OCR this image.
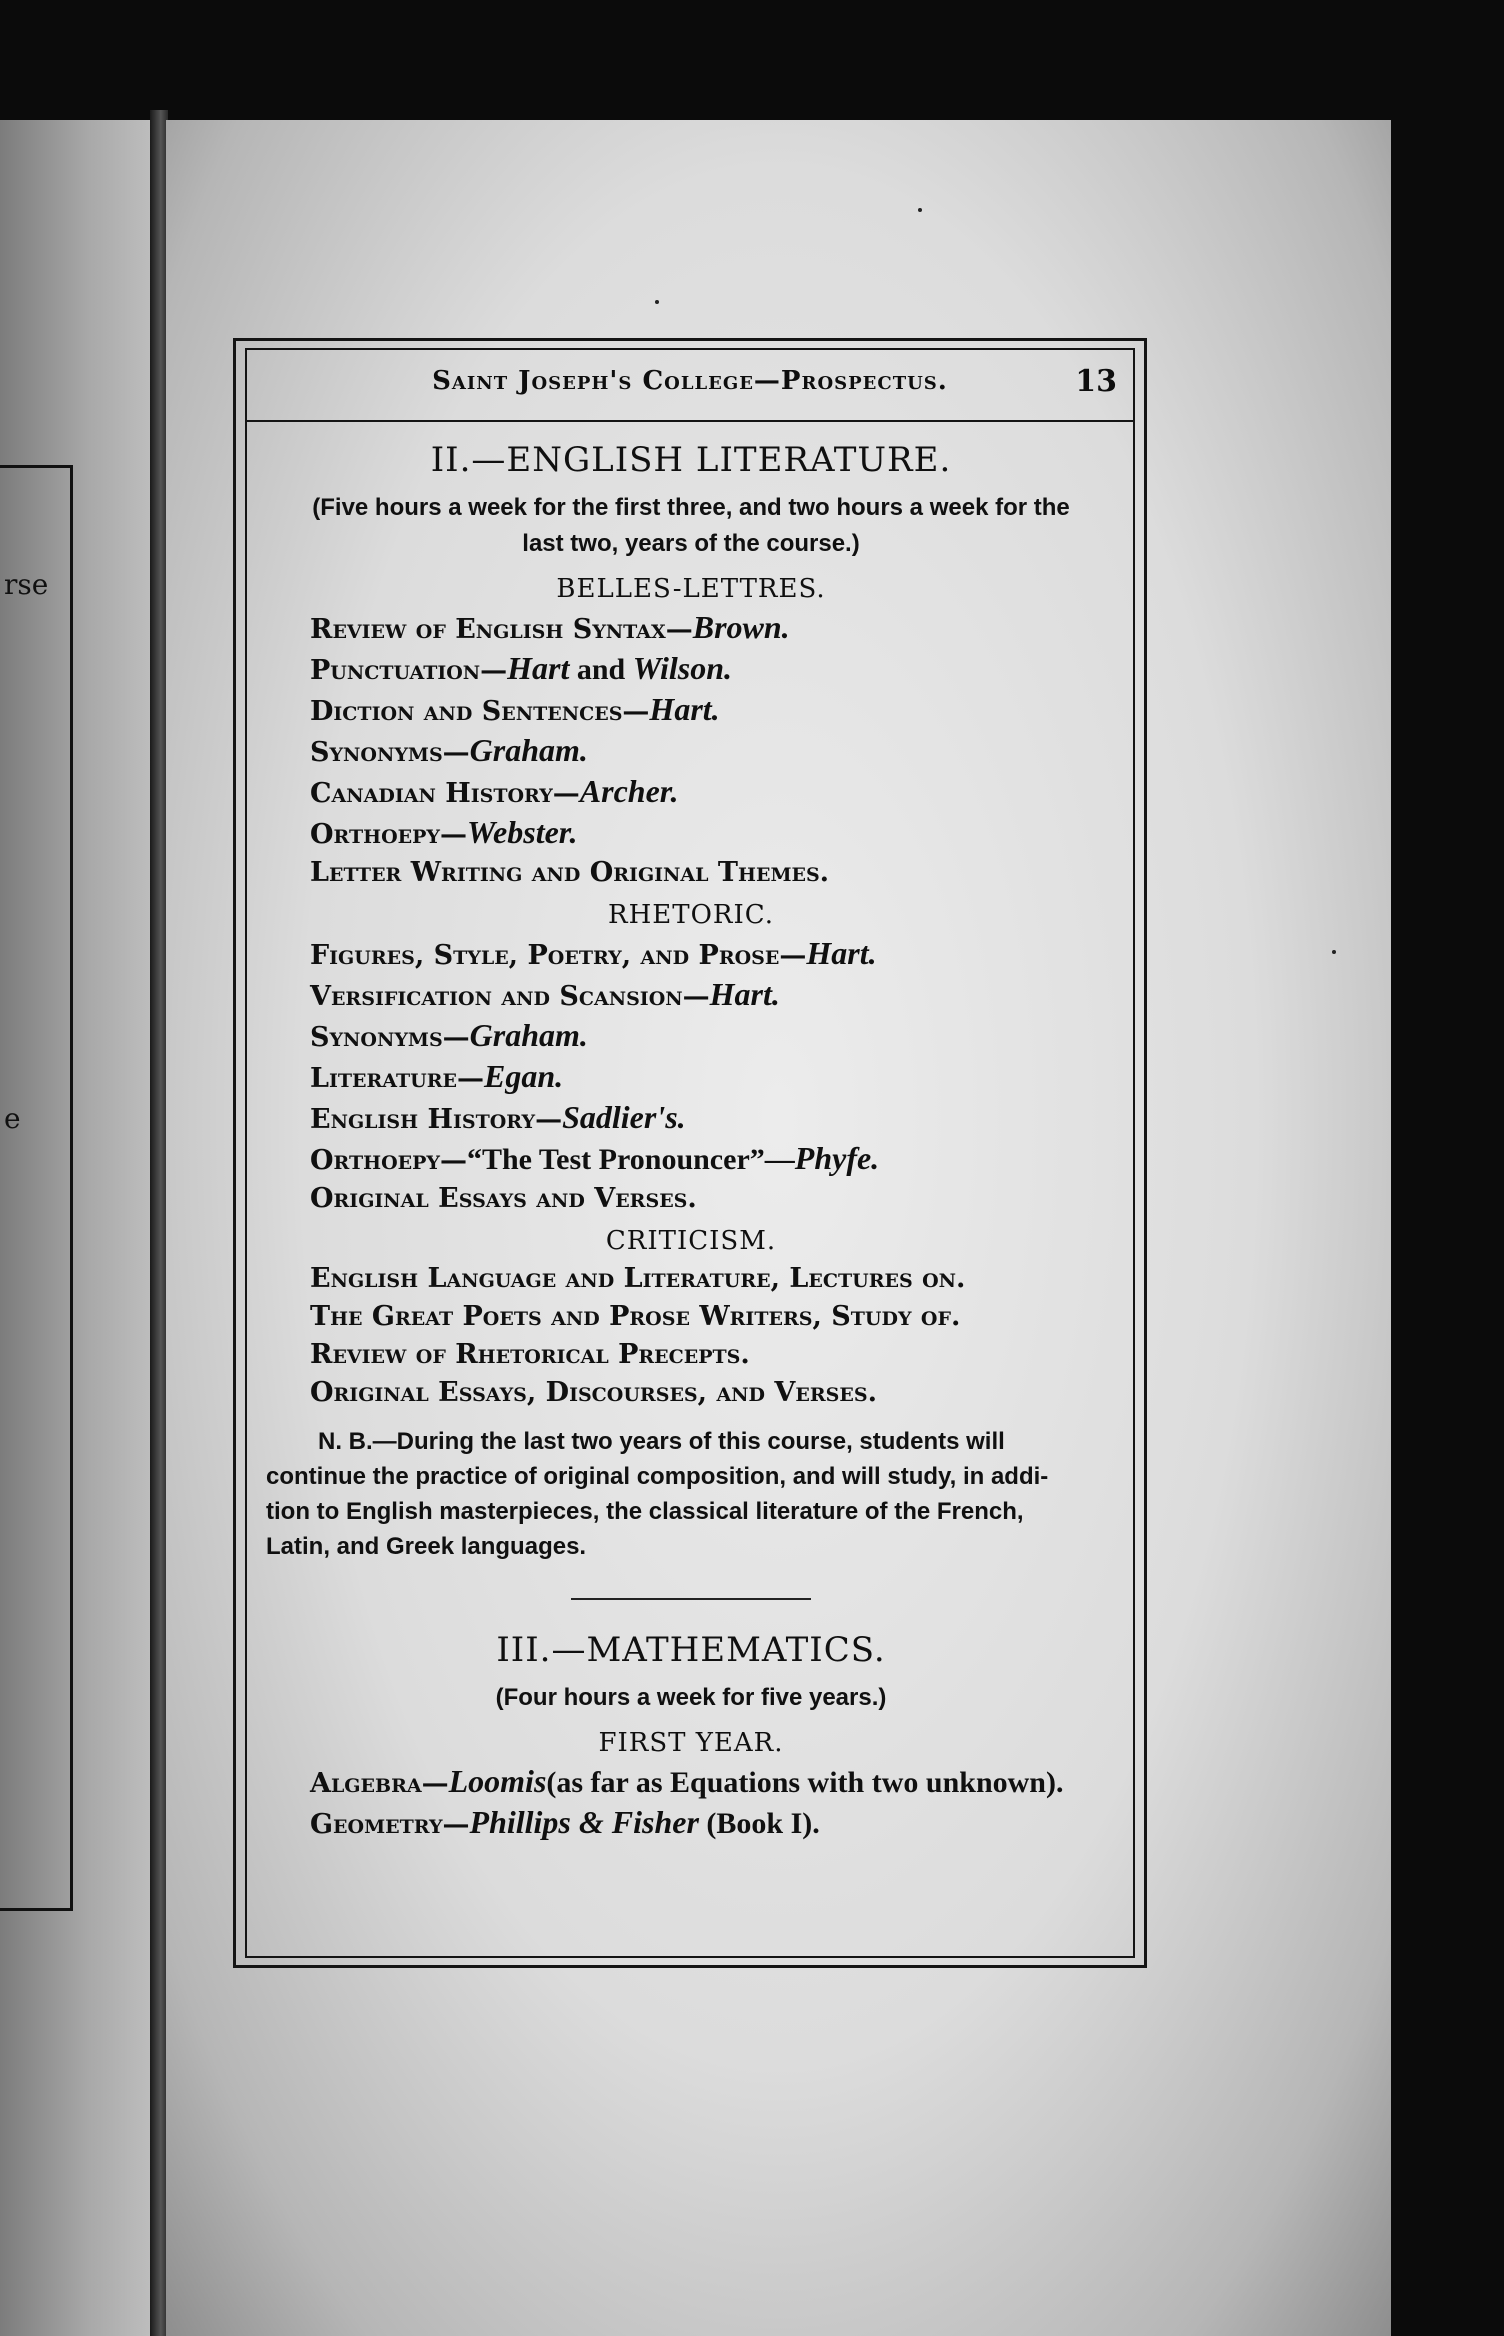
rse
e
Saint Joseph's College—Prospectus.	13
II.—ENGLISH LITERATURE.
(Five hours a week for the first three, and two hours a week for the
last two, years of the course.)
BELLES-LETTRES.
Review of English Syntax—Brown.
Punctuation—Hart and Wilson.
Diction and Sentences—Hart.
Synonyms—Graham.
Canadian History—Archer.
Orthoepy—Webster.
Letter Writing and Original Themes.
RHETORIC.
Figures, Style, Poetry, and Prose—Hart.
Versification and Scansion—Hart.
Synonyms—Graham.
Literature—Egan.
English History—Sadlier's.
Orthoepy—“The Test Pronouncer”—Phyfe.
Original Essays and Verses.
CRITICISM.
English Language and Literature, Lectures on.
The Great Poets and Prose Writers, Study of.
Review of Rhetorical Precepts.
Original Essays, Discourses, and Verses.
N. B.—During the last two years of this course, students will
continue the practice of original composition, and will study, in addi-
tion to English masterpieces, the classical literature of the French,
Latin, and Greek languages.
III.—MATHEMATICS.
(Four hours a week for five years.)
FIRST YEAR.
Algebra—Loomis(as far as Equations with two unknown).
Geometry—Phillips & Fisher (Book I).
